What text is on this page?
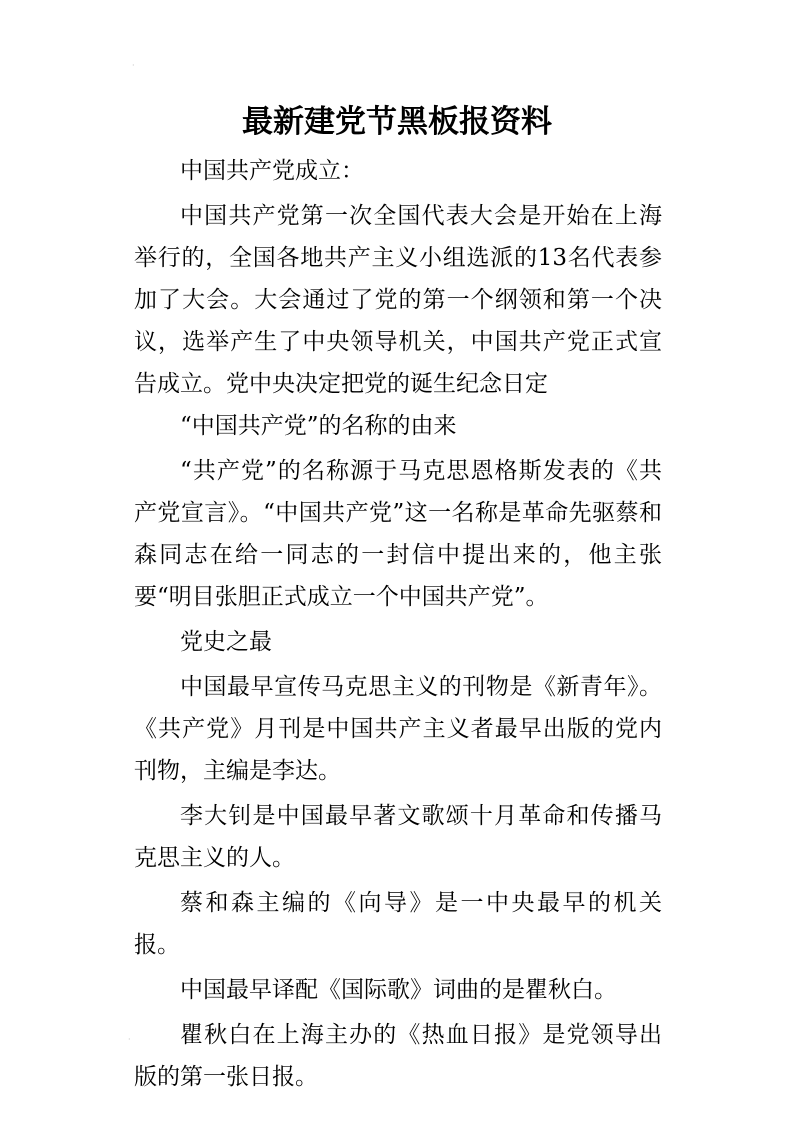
·
最新建党节黑板报资料

中国共产党成立：

中国共产党第一次全国代表大会是开始在上海举行的，全国各地共产主义小组选派的13名代表参加了大会。大会通过了党的第一个纲领和第一个决议，选举产生了中央领导机关，中国共产党正式宣告成立。党中央决定把党的诞生纪念日定

“中国共产党”的名称的由来

“共产党”的名称源于马克思恩格斯发表的《共产党宣言》。“中国共产党”这一名称是革命先驱蔡和森同志在给一同志的一封信中提出来的，他主张要“明目张胆正式成立一个中国共产党”。

党史之最

中国最早宣传马克思主义的刊物是《新青年》。《共产党》月刊是中国共产主义者最早出版的党内刊物，主编是李达。

李大钊是中国最早著文歌颂十月革命和传播马克思主义的人。

蔡和森主编的《向导》是一中央最早的机关报。

中国最早译配《国际歌》词曲的是瞿秋白。

瞿秋白在上海主办的《热血日报》是党领导出版的第一张日报。

·
